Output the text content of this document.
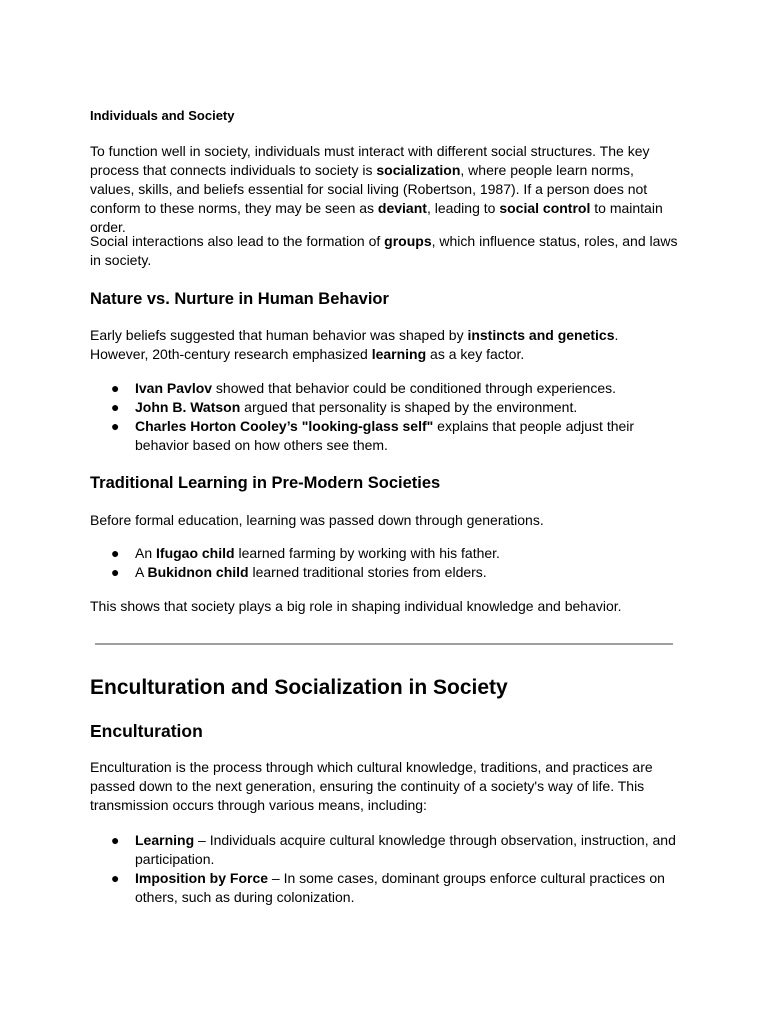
Individuals and Society

To function well in society, individuals must interact with different social structures. The key process that connects individuals to society is socialization, where people learn norms, values, skills, and beliefs essential for social living (Robertson, 1987). If a person does not conform to these norms, they may be seen as deviant, leading to social control to maintain order.

Social interactions also lead to the formation of groups, which influence status, roles, and laws in society.

Nature vs. Nurture in Human Behavior

Early beliefs suggested that human behavior was shaped by instincts and genetics. However, 20th-century research emphasized learning as a key factor.

● Ivan Pavlov showed that behavior could be conditioned through experiences.
● John B. Watson argued that personality is shaped by the environment.
● Charles Horton Cooley’s "looking-glass self" explains that people adjust their behavior based on how others see them.

Traditional Learning in Pre-Modern Societies

Before formal education, learning was passed down through generations.

● An Ifugao child learned farming by working with his father.
● A Bukidnon child learned traditional stories from elders.

This shows that society plays a big role in shaping individual knowledge and behavior.

Enculturation and Socialization in Society

Enculturation

Enculturation is the process through which cultural knowledge, traditions, and practices are passed down to the next generation, ensuring the continuity of a society's way of life. This transmission occurs through various means, including:

● Learning – Individuals acquire cultural knowledge through observation, instruction, and participation.
● Imposition by Force – In some cases, dominant groups enforce cultural practices on others, such as during colonization.
